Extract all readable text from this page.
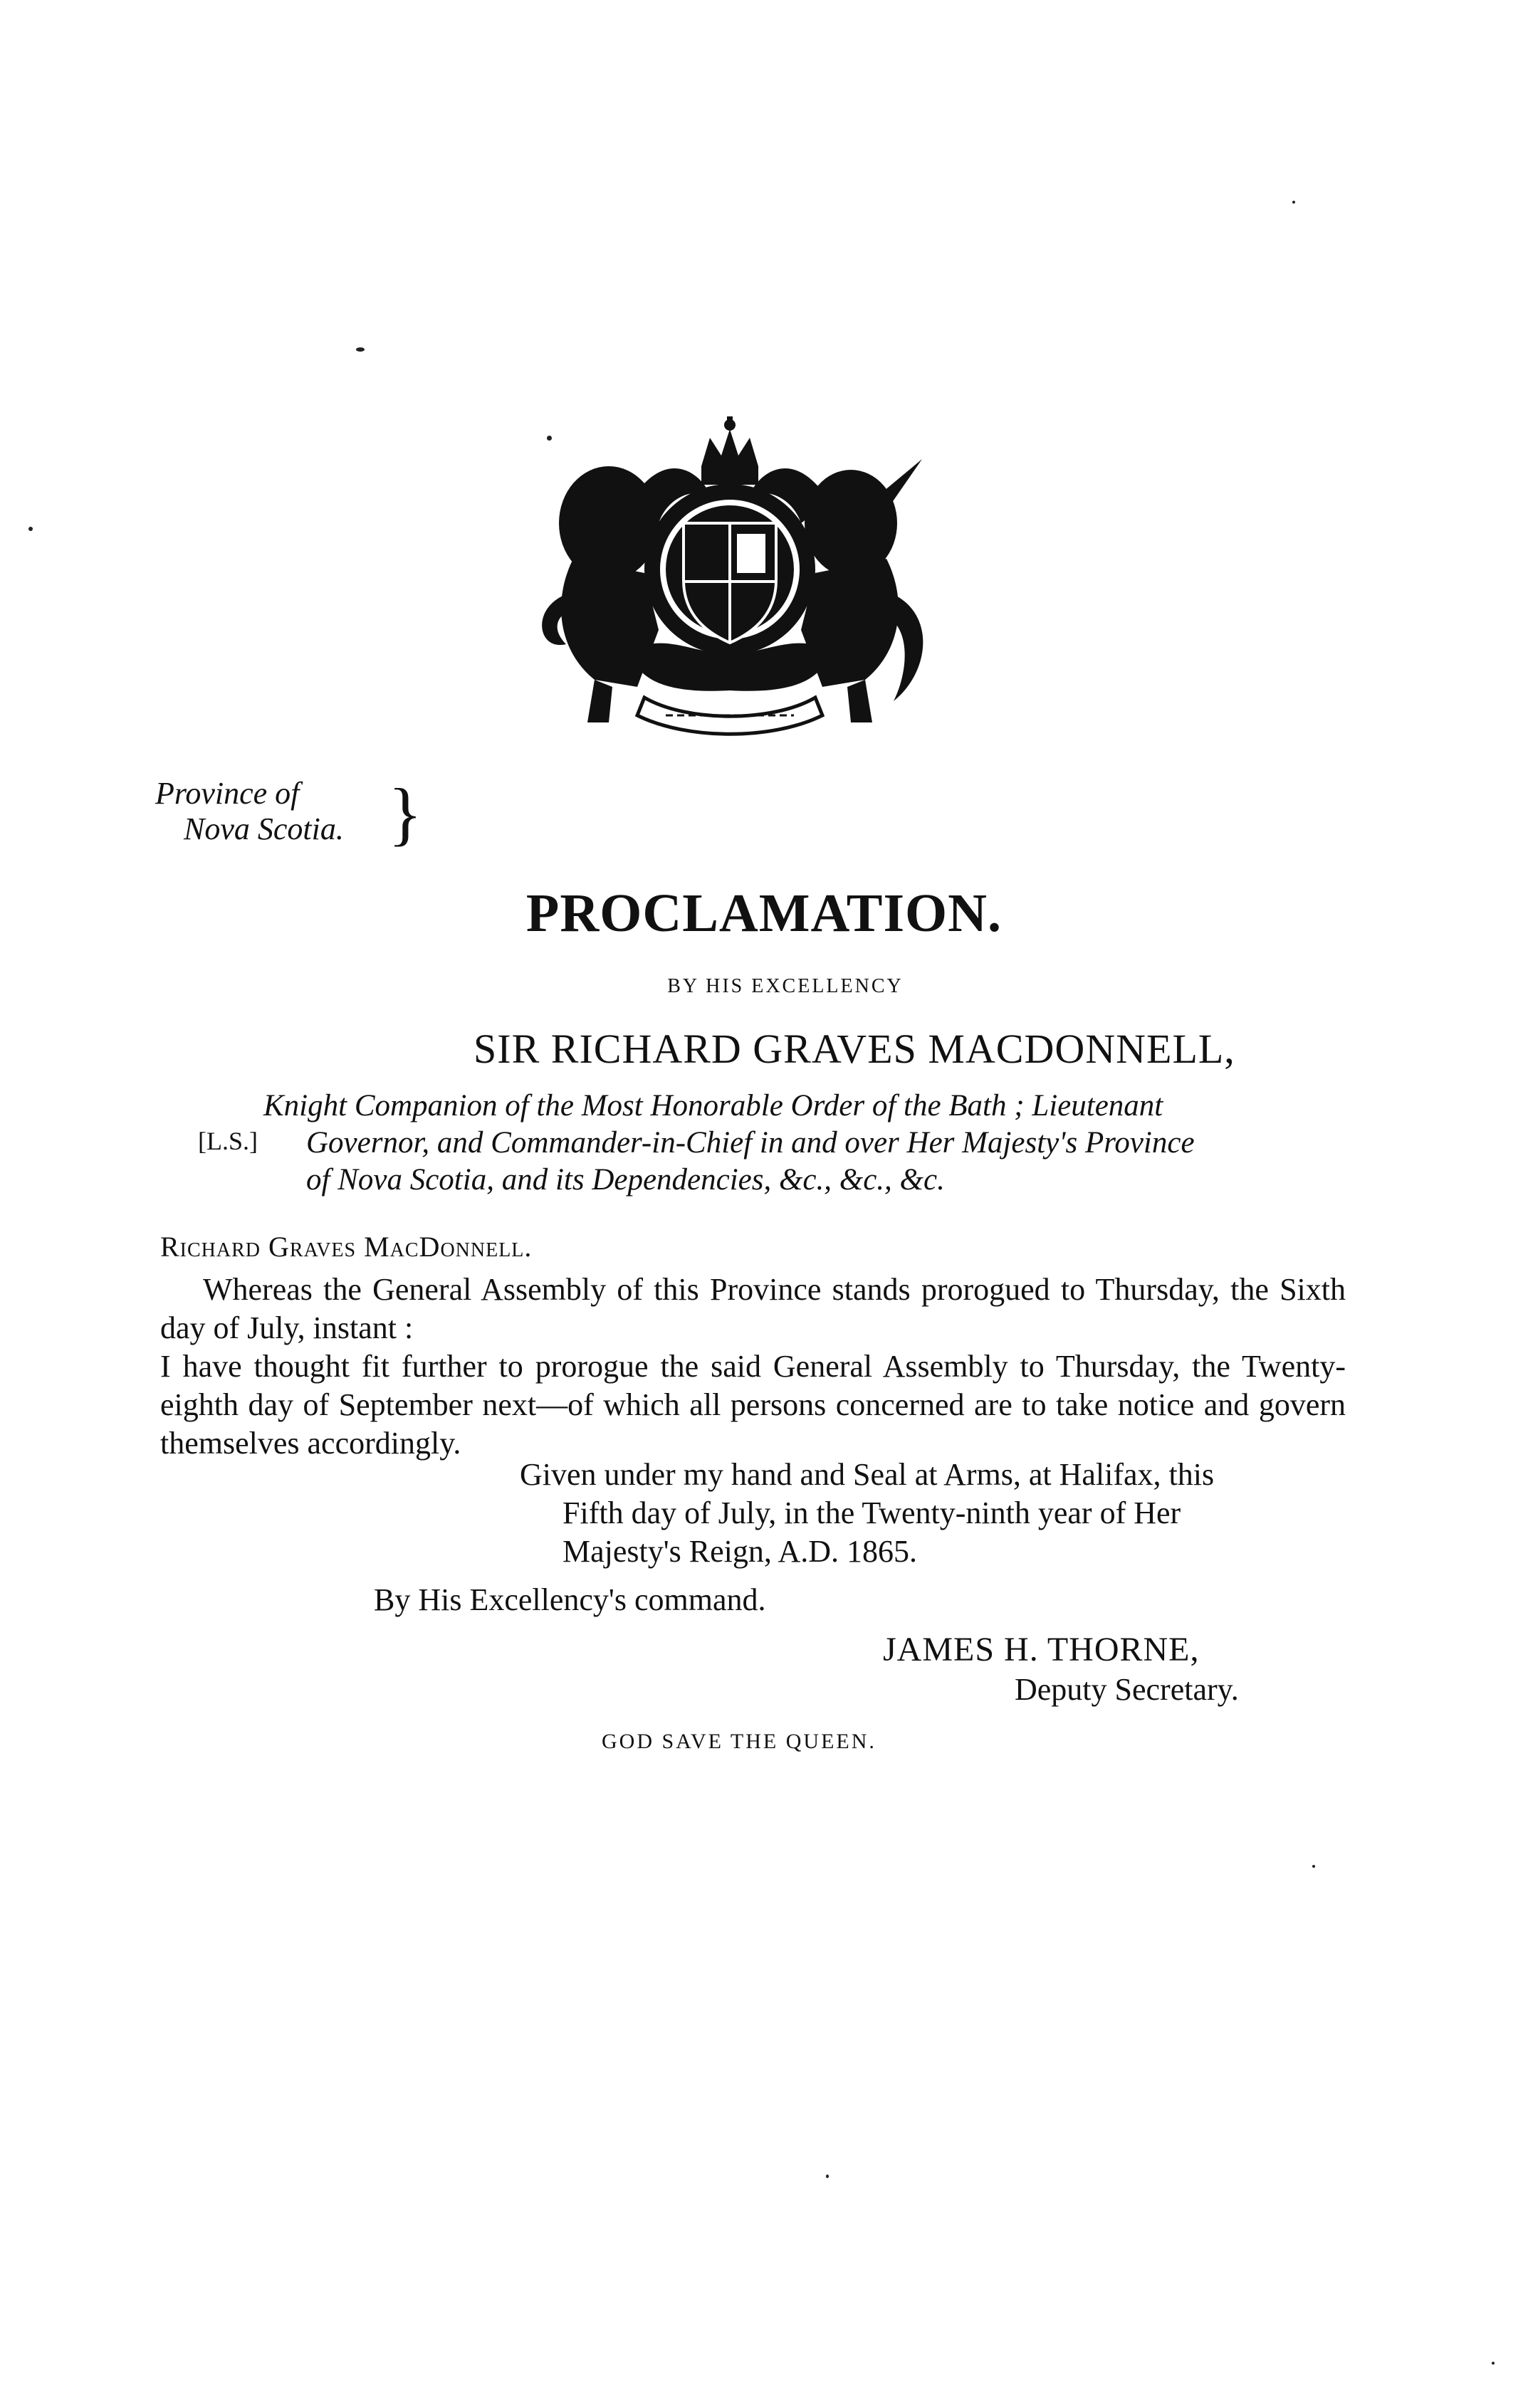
Province of
Nova Scotia. }
PROCLAMATION.
BY HIS EXCELLENCY
SIR RICHARD GRAVES MACDONNELL,
Knight Companion of the Most Honorable Order of the Bath ; Lieutenant
Governor, and Commander-in-Chief in and over Her Majesty's Province
of Nova Scotia, and its Dependencies, &c., &c., &c.
[L.S.]
Richard Graves MacDonnell.

Whereas the General Assembly of this Province stands prorogued to Thursday, the Sixth day of July, instant :

I have thought fit further to prorogue the said General Assembly to Thursday, the Twenty-eighth day of September next—of which all persons concerned are to take notice and govern themselves accordingly.

Given under my hand and Seal at Arms, at Halifax, this
Fifth day of July, in the Twenty-ninth year of Her
Majesty's Reign, A.D. 1865.
By His Excellency's command.
JAMES H. THORNE,
Deputy Secretary.
GOD SAVE THE QUEEN.
